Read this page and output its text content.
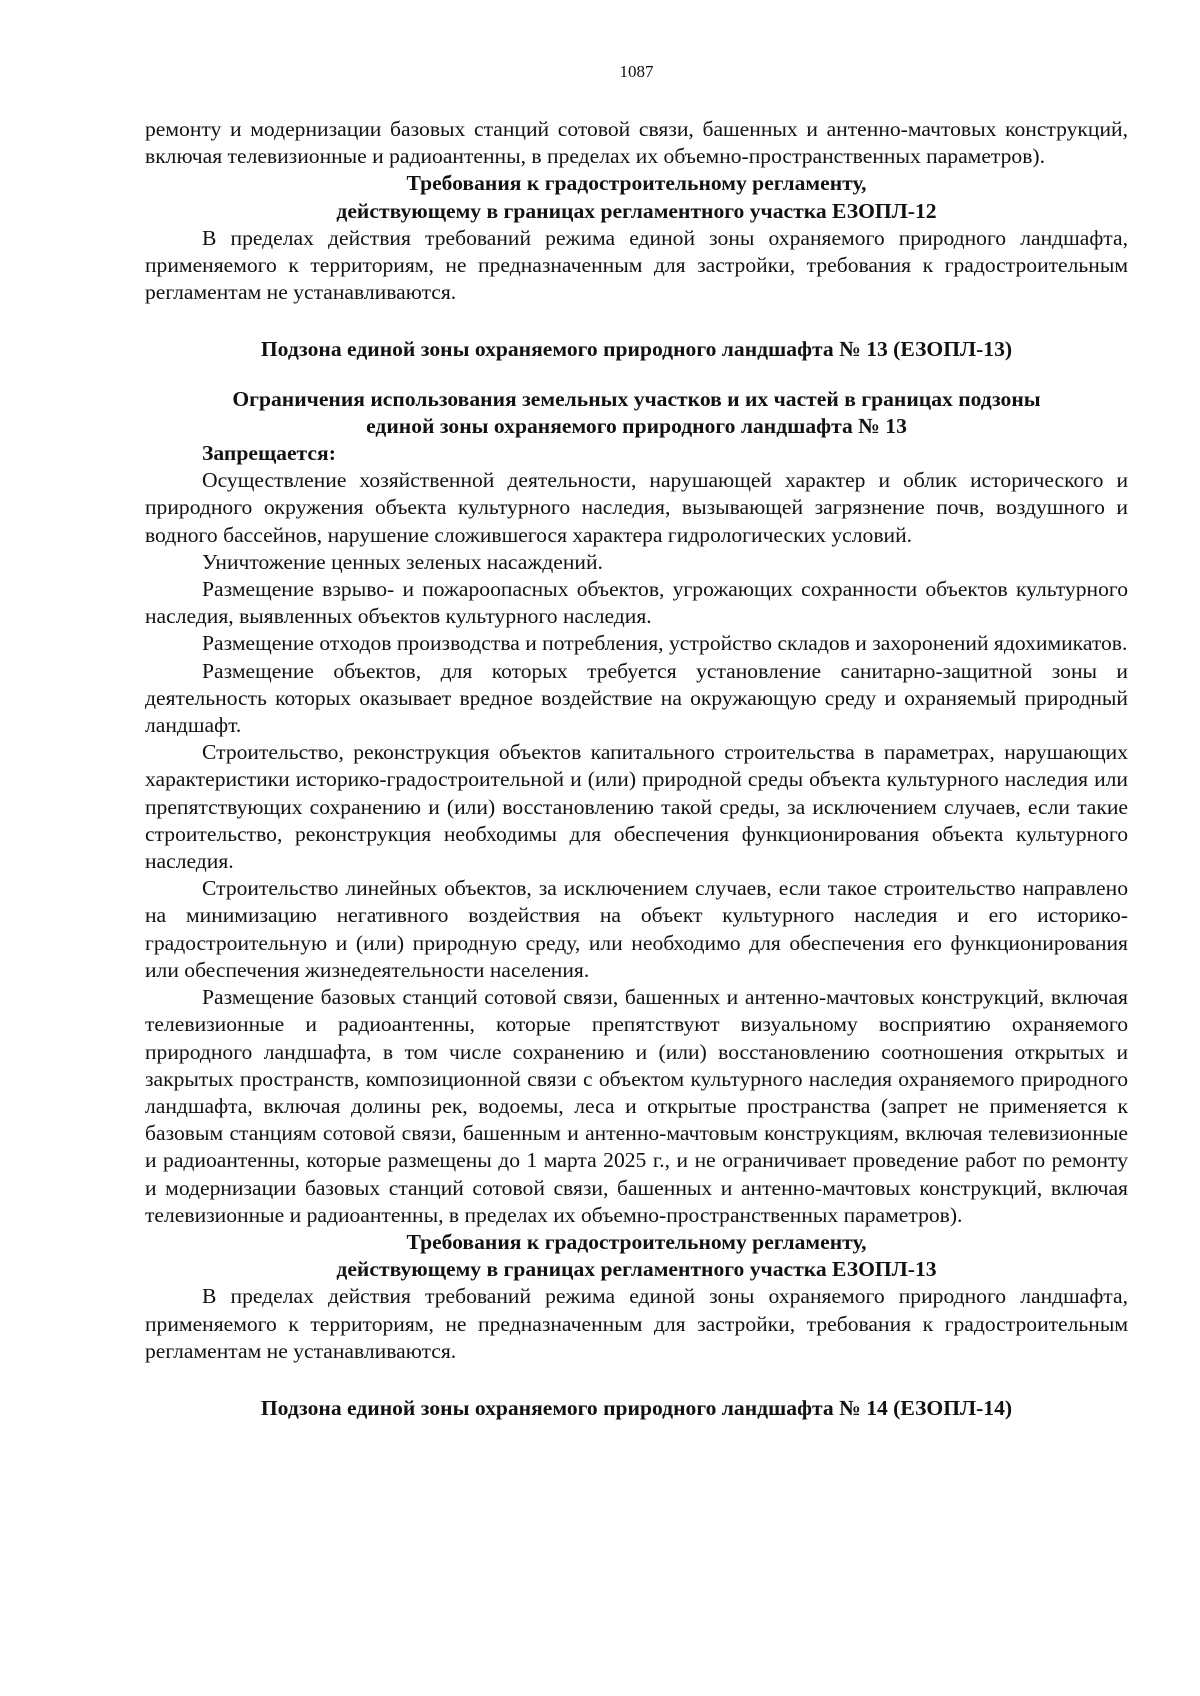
1087

ремонту и модернизации базовых станций сотовой связи, башенных и антенно-мачтовых конструкций, включая телевизионные и радиоантенны, в пределах их объемно-пространственных параметров).

Требования к градостроительному регламенту,

действующему в границах регламентного участка ЕЗОПЛ-12

В пределах действия требований режима единой зоны охраняемого природного ландшафта, применяемого к территориям, не предназначенным для застройки, требования к градостроительным регламентам не устанавливаются.

Подзона единой зоны охраняемого природного ландшафта № 13 (ЕЗОПЛ-13)

Ограничения использования земельных участков и их частей в границах подзоны

единой зоны охраняемого природного ландшафта № 13

Запрещается:

Осуществление хозяйственной деятельности, нарушающей характер и облик исторического и природного окружения объекта культурного наследия, вызывающей загрязнение почв, воздушного и водного бассейнов, нарушение сложившегося характера гидрологических условий.

Уничтожение ценных зеленых насаждений.

Размещение взрыво- и пожароопасных объектов, угрожающих сохранности объектов культурного наследия, выявленных объектов культурного наследия.

Размещение отходов производства и потребления, устройство складов и захоронений ядохимикатов.

Размещение объектов, для которых требуется установление санитарно-защитной зоны и деятельность которых оказывает вредное воздействие на окружающую среду и охраняемый природный ландшафт.

Строительство, реконструкция объектов капитального строительства в параметрах, нарушающих характеристики историко-градостроительной и (или) природной среды объекта культурного наследия или препятствующих сохранению и (или) восстановлению такой среды, за исключением случаев, если такие строительство, реконструкция необходимы для обеспечения функционирования объекта культурного наследия.

Строительство линейных объектов, за исключением случаев, если такое строительство направлено на минимизацию негативного воздействия на объект культурного наследия и его историко-градостроительную и (или) природную среду, или необходимо для обеспечения его функционирования или обеспечения жизнедеятельности населения.

Размещение базовых станций сотовой связи, башенных и антенно-мачтовых конструкций, включая телевизионные и радиоантенны, которые препятствуют визуальному восприятию охраняемого природного ландшафта, в том числе сохранению и (или) восстановлению соотношения открытых и закрытых пространств, композиционной связи с объектом культурного наследия охраняемого природного ландшафта, включая долины рек, водоемы, леса и открытые пространства (запрет не применяется к базовым станциям сотовой связи, башенным и антенно-мачтовым конструкциям, включая телевизионные и радиоантенны, которые размещены до 1 марта 2025 г., и не ограничивает проведение работ по ремонту и модернизации базовых станций сотовой связи, башенных и антенно-мачтовых конструкций, включая телевизионные и радиоантенны, в пределах их объемно-пространственных параметров).

Требования к градостроительному регламенту,

действующему в границах регламентного участка ЕЗОПЛ-13

В пределах действия требований режима единой зоны охраняемого природного ландшафта, применяемого к территориям, не предназначенным для застройки, требования к градостроительным регламентам не устанавливаются.

Подзона единой зоны охраняемого природного ландшафта № 14 (ЕЗОПЛ-14)
